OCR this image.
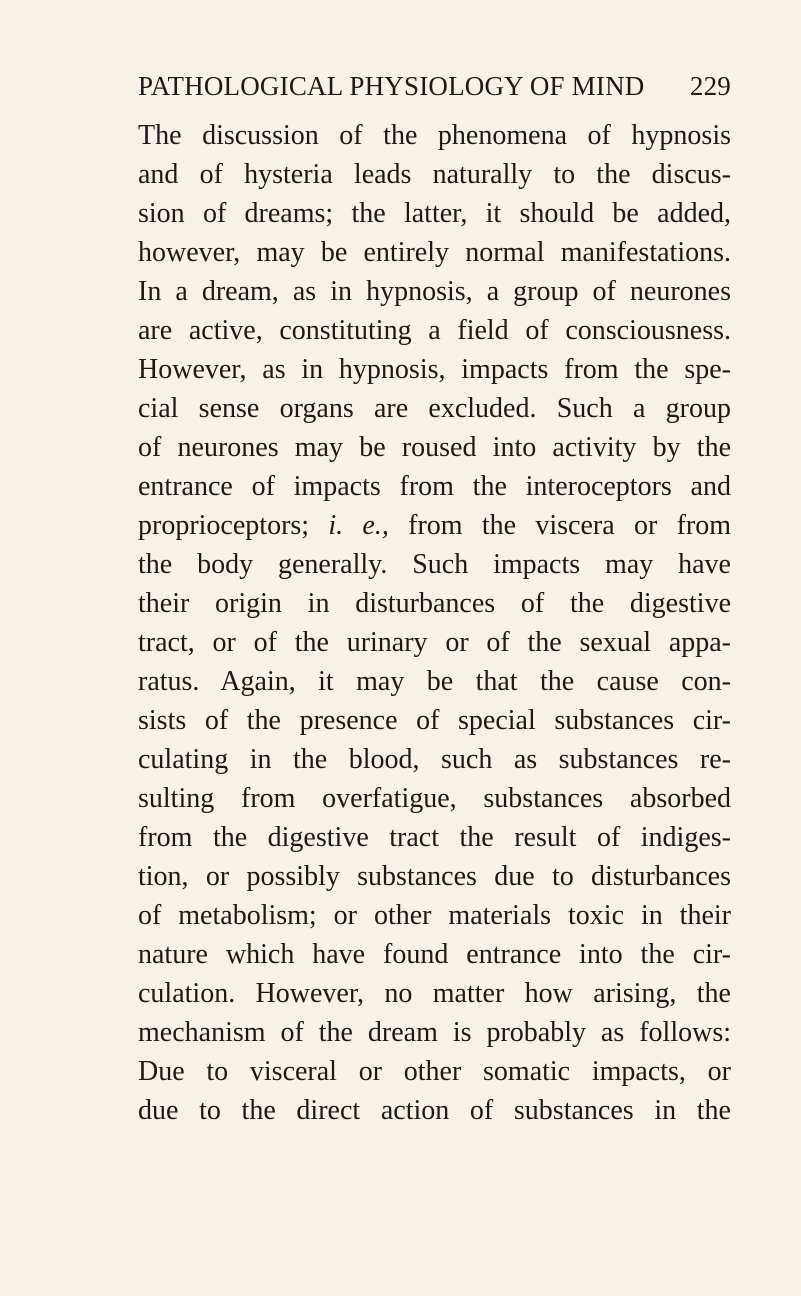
PATHOLOGICAL PHYSIOLOGY OF MIND 229
The discussion of the phenomena of hypnosis
and of hysteria leads naturally to the discus-
sion of dreams; the latter, it should be added,
however, may be entirely normal manifestations.
In a dream, as in hypnosis, a group of neurones
are active, constituting a field of consciousness.
However, as in hypnosis, impacts from the spe-
cial sense organs are excluded. Such a group
of neurones may be roused into activity by the
entrance of impacts from the interoceptors and
proprioceptors; i. e., from the viscera or from
the body generally. Such impacts may have
their origin in disturbances of the digestive
tract, or of the urinary or of the sexual appa-
ratus. Again, it may be that the cause con-
sists of the presence of special substances cir-
culating in the blood, such as substances re-
sulting from overfatigue, substances absorbed
from the digestive tract the result of indiges-
tion, or possibly substances due to disturbances
of metabolism; or other materials toxic in their
nature which have found entrance into the cir-
culation. However, no matter how arising, the
mechanism of the dream is probably as follows:
Due to visceral or other somatic impacts, or
due to the direct action of substances in the
